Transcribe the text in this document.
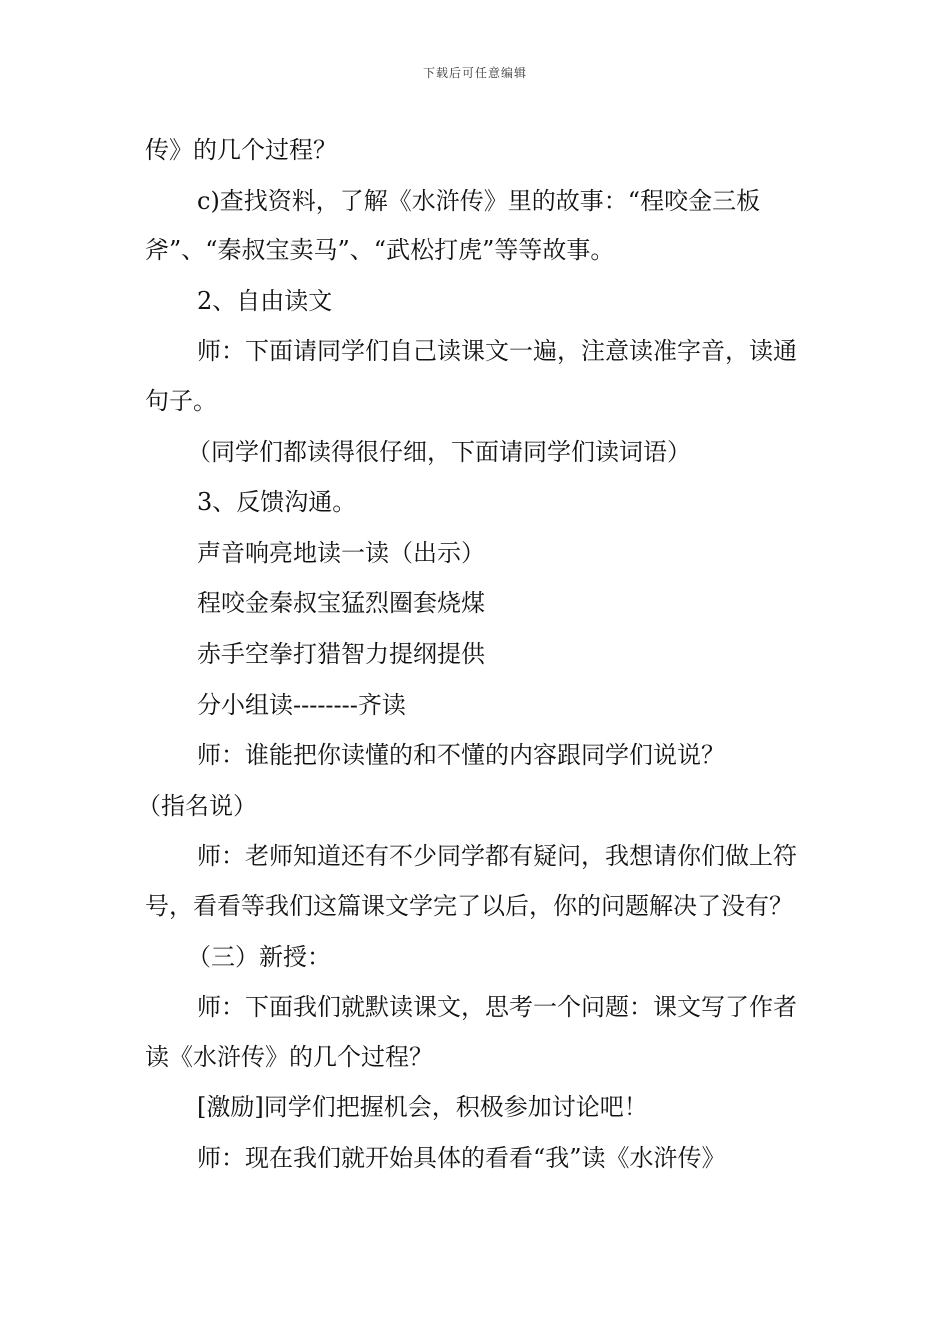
下载后可任意编辑

传》的几个过程？

c)查找资料，了解《水浒传》里的故事：“程咬金三板斧”、“秦叔宝卖马”、“武松打虎”等等故事。

2、自由读文

师：下面请同学们自己读课文一遍，注意读准字音，读通句子。

（同学们都读得很仔细，下面请同学们读词语）

3、反馈沟通。

声音响亮地读一读（出示）

程咬金秦叔宝猛烈圈套烧煤

赤手空拳打猎智力提纲提供

分小组读--------齐读

师：谁能把你读懂的和不懂的内容跟同学们说说？

（指名说）

师：老师知道还有不少同学都有疑问，我想请你们做上符号，看看等我们这篇课文学完了以后，你的问题解决了没有？

（三）新授：

师：下面我们就默读课文，思考一个问题：课文写了作者读《水浒传》的几个过程？

[激励]同学们把握机会，积极参加讨论吧！

师：现在我们就开始具体的看看“我”读《水浒传》
